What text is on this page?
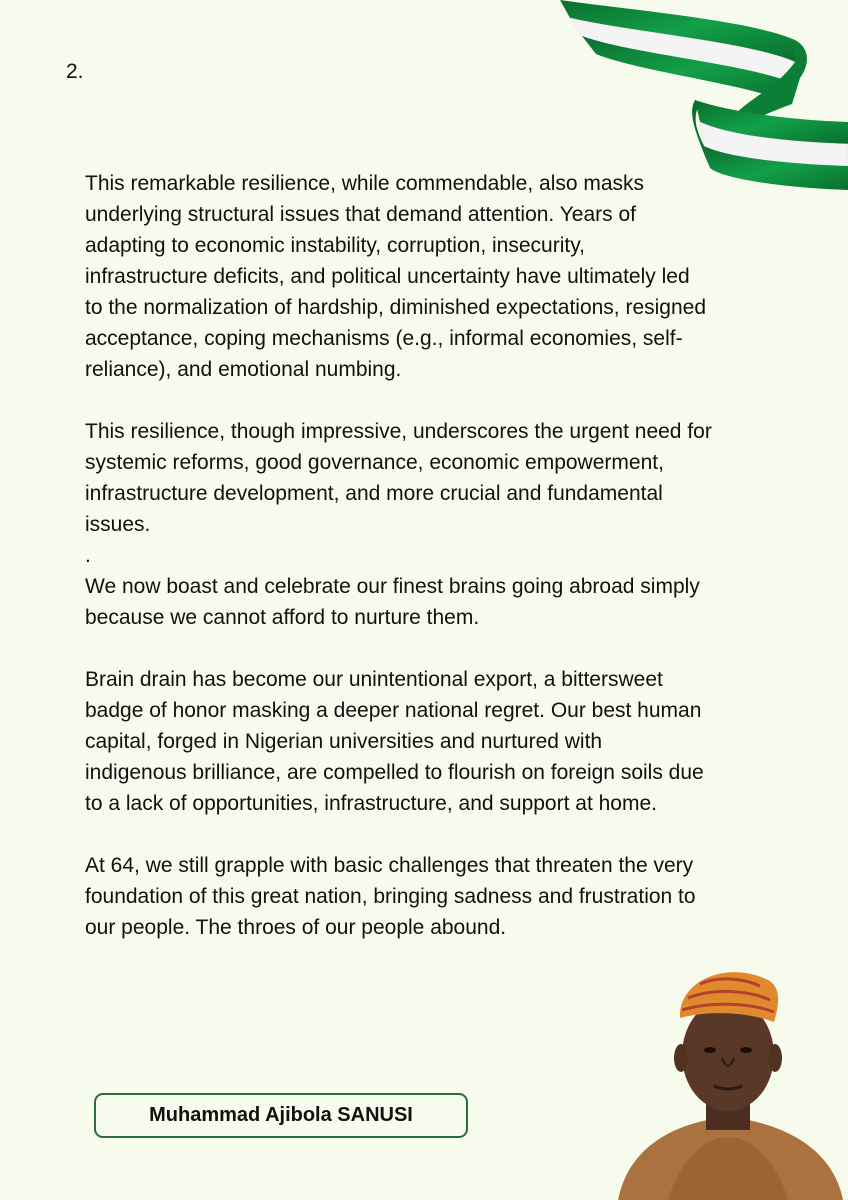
2.

This remarkable resilience, while commendable, also masks
underlying structural issues that demand attention. Years of
adapting to economic instability, corruption, insecurity,
infrastructure deficits, and political uncertainty have ultimately led
to the normalization of hardship, diminished expectations, resigned
acceptance, coping mechanisms (e.g., informal economies, self-
reliance), and emotional numbing.

This resilience, though impressive, underscores the urgent need for
systemic reforms, good governance, economic empowerment,
infrastructure development, and more crucial and fundamental
issues.

.

We now boast and celebrate our finest brains going abroad simply
because we cannot afford to nurture them.

Brain drain has become our unintentional export, a bittersweet
badge of honor masking a deeper national regret. Our best human
capital, forged in Nigerian universities and nurtured with
indigenous brilliance, are compelled to flourish on foreign soils due
to a lack of opportunities, infrastructure, and support at home.

At 64, we still grapple with basic challenges that threaten the very
foundation of this great nation, bringing sadness and frustration to
our people. The throes of our people abound.

Muhammad Ajibola SANUSI
